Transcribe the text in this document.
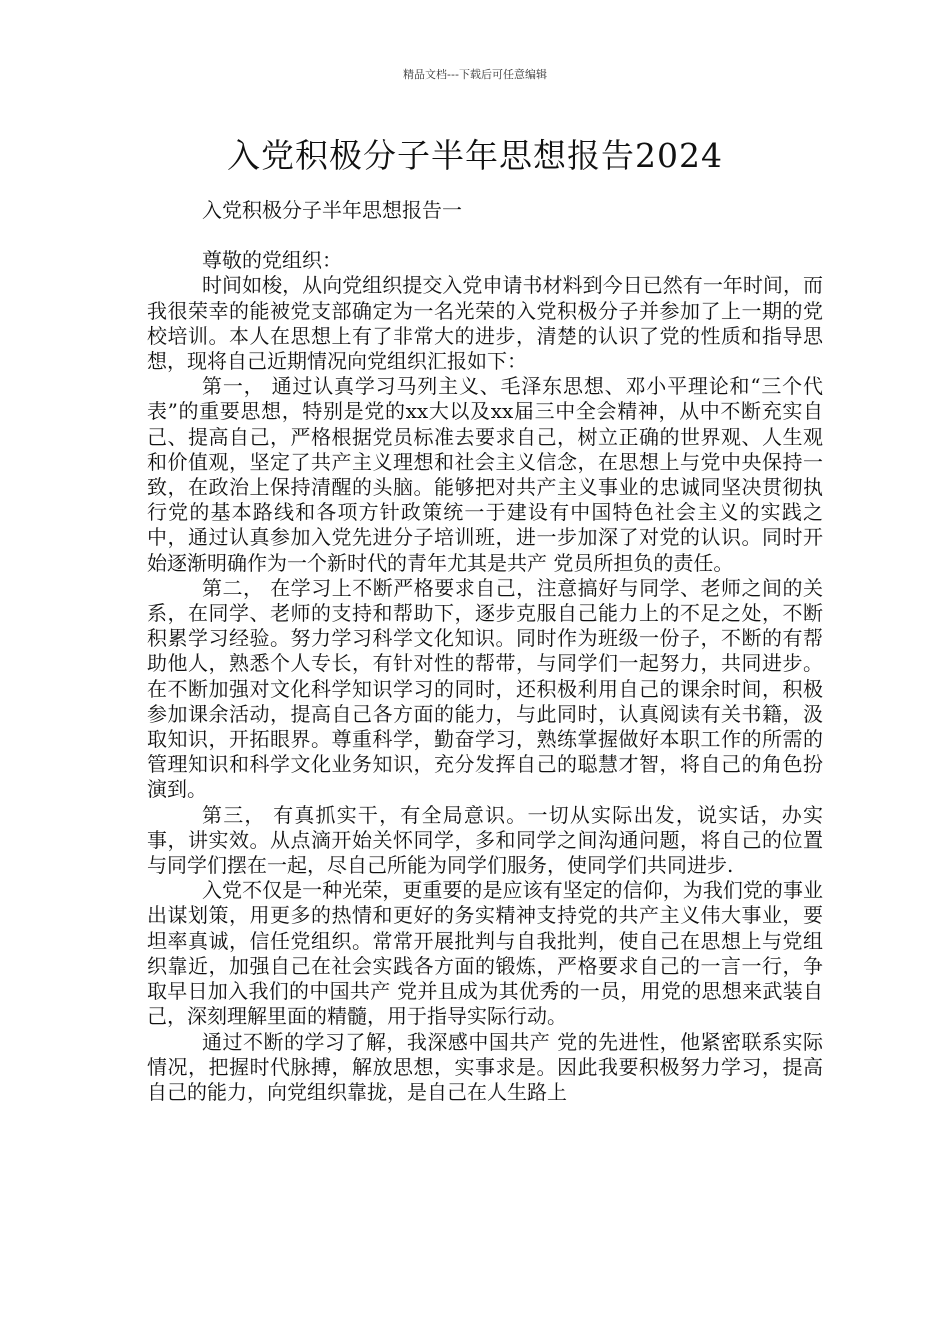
精品文档---下载后可任意编辑
入党积极分子半年思想报告2024

入党积极分子半年思想报告一

尊敬的党组织：

时间如梭，从向党组织提交入党申请书材料到今日已然有一年时间，而我很荣幸的能被党支部确定为一名光荣的入党积极分子并参加了上一期的党校培训。本人在思想上有了非常大的进步，清楚的认识了党的性质和指导思想，现将自己近期情况向党组织汇报如下：

第一， 通过认真学习马列主义、毛泽东思想、邓小平理论和“三个代表”的重要思想，特别是党的xx大以及xx届三中全会精神，从中不断充实自己、提高自己，严格根据党员标准去要求自己，树立正确的世界观、人生观和价值观，坚定了共产主义理想和社会主义信念，在思想上与党中央保持一致，在政治上保持清醒的头脑。能够把对共产主义事业的忠诚同坚决贯彻执行党的基本路线和各项方针政策统一于建设有中国特色社会主义的实践之中，通过认真参加入党先进分子培训班，进一步加深了对党的认识。同时开始逐渐明确作为一个新时代的青年尤其是共产 党员所担负的责任。

第二， 在学习上不断严格要求自己，注意搞好与同学、老师之间的关系，在同学、老师的支持和帮助下，逐步克服自己能力上的不足之处，不断积累学习经验。努力学习科学文化知识。同时作为班级一份子，不断的有帮助他人，熟悉个人专长，有针对性的帮带，与同学们一起努力，共同进步。在不断加强对文化科学知识学习的同时，还积极利用自己的课余时间，积极参加课余活动，提高自己各方面的能力，与此同时，认真阅读有关书籍，汲取知识，开拓眼界。尊重科学，勤奋学习，熟练掌握做好本职工作的所需的管理知识和科学文化业务知识，充分发挥自己的聪慧才智，将自己的角色扮演到。

第三， 有真抓实干，有全局意识。一切从实际出发，说实话，办实事，讲实效。从点滴开始关怀同学，多和同学之间沟通问题，将自己的位置与同学们摆在一起，尽自己所能为同学们服务，使同学们共同进步.

入党不仅是一种光荣，更重要的是应该有坚定的信仰，为我们党的事业出谋划策，用更多的热情和更好的务实精神支持党的共产主义伟大事业，要坦率真诚，信任党组织。常常开展批判与自我批判，使自己在思想上与党组织靠近，加强自己在社会实践各方面的锻炼，严格要求自己的一言一行，争取早日加入我们的中国共产 党并且成为其优秀的一员，用党的思想来武装自己，深刻理解里面的精髓，用于指导实际行动。

通过不断的学习了解，我深感中国共产 党的先进性，他紧密联系实际情况，把握时代脉搏，解放思想，实事求是。因此我要积极努力学习，提高自己的能力，向党组织靠拢，是自己在人生路上
